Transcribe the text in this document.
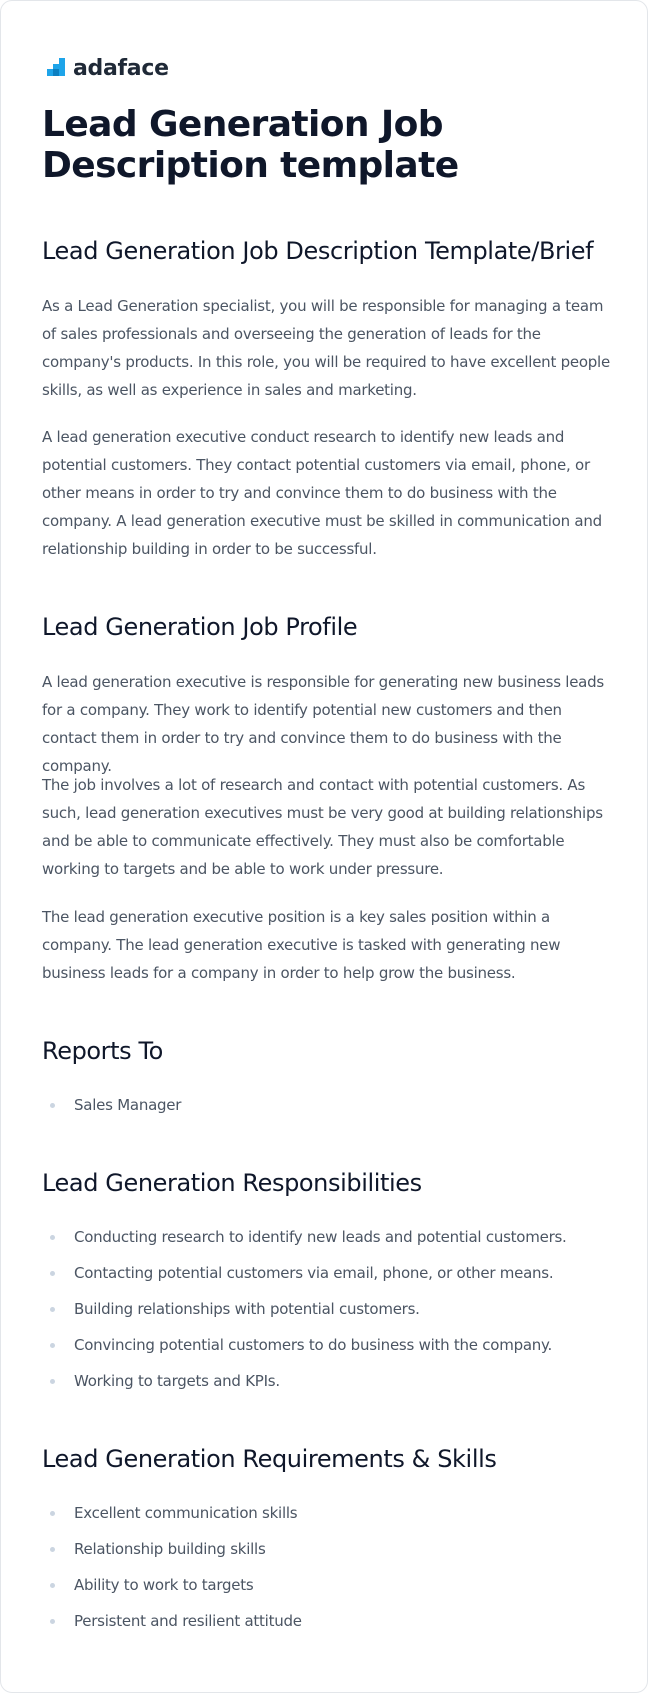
adaface
Lead Generation Job Description template
Lead Generation Job Description Template/Brief

As a Lead Generation specialist, you will be responsible for managing a team of sales professionals and overseeing the generation of leads for the company's products. In this role, you will be required to have excellent people skills, as well as experience in sales and marketing.

A lead generation executive conduct research to identify new leads and potential customers. They contact potential customers via email, phone, or other means in order to try and convince them to do business with the company. A lead generation executive must be skilled in communication and relationship building in order to be successful.

Lead Generation Job Profile

A lead generation executive is responsible for generating new business leads for a company. They work to identify potential new customers and then contact them in order to try and convince them to do business with the company.

The job involves a lot of research and contact with potential customers. As such, lead generation executives must be very good at building relationships and be able to communicate effectively. They must also be comfortable working to targets and be able to work under pressure.

The lead generation executive position is a key sales position within a company. The lead generation executive is tasked with generating new business leads for a company in order to help grow the business.

Reports To
Sales Manager
Lead Generation Responsibilities
Conducting research to identify new leads and potential customers.
Contacting potential customers via email, phone, or other means.
Building relationships with potential customers.
Convincing potential customers to do business with the company.
Working to targets and KPIs.
Lead Generation Requirements & Skills
Excellent communication skills
Relationship building skills
Ability to work to targets
Persistent and resilient attitude
